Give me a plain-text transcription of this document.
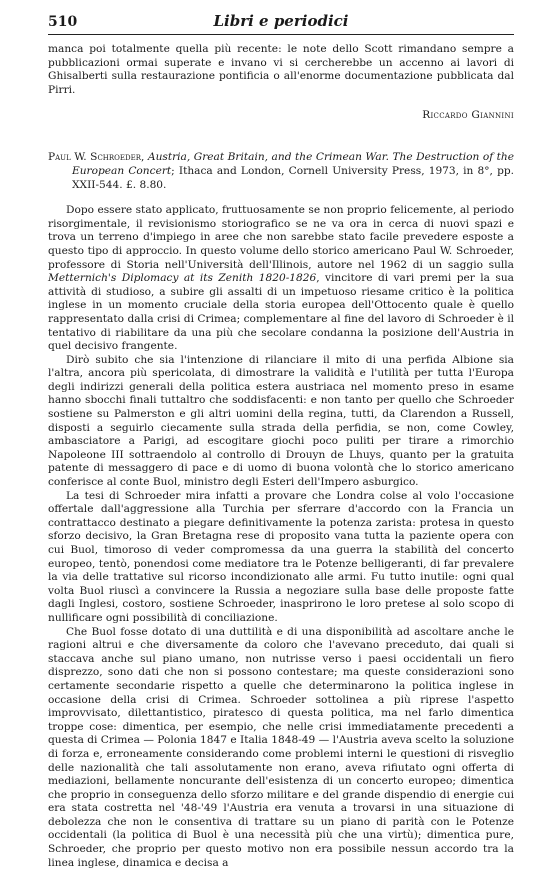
510	Libri e periodici

manca poi totalmente quella più recente: le note dello Scott rimandano sempre a pubblicazioni ormai superate e invano vi si cercherebbe un accenno ai lavori di Ghisalberti sulla restaurazione pontificia o all'enorme documentazione pubblicata dal Pirri.

Riccardo Giannini

Paul W. Schroeder, Austria, Great Britain, and the Crimean War. The Destruction of the European Concert; Ithaca and London, Cornell University Press, 1973, in 8°, pp. XXII-544. £. 8.80.

Dopo essere stato applicato, fruttuosamente se non proprio felicemente, al periodo risorgimentale, il revisionismo storiografico se ne va ora in cerca di nuovi spazi e trova un terreno d'impiego in aree che non sarebbe stato facile prevedere esposte a questo tipo di approccio. In questo volume dello storico americano Paul W. Schroeder, professore di Storia nell'Università dell'Illinois, autore nel 1962 di un saggio sulla Metternich's Diplomacy at its Zenith 1820-1826, vincitore di vari premi per la sua attività di studioso, a subire gli assalti di un impetuoso riesame critico è la politica inglese in un momento cruciale della storia europea dell'Ottocento quale è quello rappresentato dalla crisi di Crimea; complementare al fine del lavoro di Schroeder è il tentativo di riabilitare da una più che secolare condanna la posizione dell'Austria in quel decisivo frangente.

Dirò subito che sia l'intenzione di rilanciare il mito di una perfida Albione sia l'altra, ancora più spericolata, di dimostrare la validità e l'utilità per tutta l'Europa degli indirizzi generali della politica estera austriaca nel momento preso in esame hanno sbocchi finali tuttaltro che soddisfacenti: e non tanto per quello che Schroeder sostiene su Palmerston e gli altri uomini della regina, tutti, da Clarendon a Russell, disposti a seguirlo ciecamente sulla strada della perfidia, se non, come Cowley, ambasciatore a Parigi, ad escogitare giochi poco puliti per tirare a rimorchio Napoleone III sottraendolo al controllo di Drouyn de Lhuys, quanto per la gratuita patente di messaggero di pace e di uomo di buona volontà che lo storico americano conferisce al conte Buol, ministro degli Esteri dell'Impero asburgico.

La tesi di Schroeder mira infatti a provare che Londra colse al volo l'occasione offertale dall'aggressione alla Turchia per sferrare d'accordo con la Francia un contrattacco destinato a piegare definitivamente la potenza zarista: protesa in questo sforzo decisivo, la Gran Bretagna rese di proposito vana tutta la paziente opera con cui Buol, timoroso di veder compromessa da una guerra la stabilità del concerto europeo, tentò, ponendosi come mediatore tra le Potenze belligeranti, di far prevalere la via delle trattative sul ricorso incondizionato alle armi. Fu tutto inutile: ogni qual volta Buol riuscì a convincere la Russia a negoziare sulla base delle proposte fatte dagli Inglesi, costoro, sostiene Schroeder, inasprirono le loro pretese al solo scopo di nullificare ogni possibilità di conciliazione.

Che Buol fosse dotato di una duttilità e di una disponibilità ad ascoltare anche le ragioni altrui e che diversamente da coloro che l'avevano preceduto, dai quali si staccava anche sul piano umano, non nutrisse verso i paesi occidentali un fiero disprezzo, sono dati che non si possono contestare; ma queste considerazioni sono certamente secondarie rispetto a quelle che determinarono la politica inglese in occasione della crisi di Crimea. Schroeder sottolinea a più riprese l'aspetto improvvisato, dilettantistico, piratesco di questa politica, ma nel farlo dimentica troppe cose: dimentica, per esempio, che nelle crisi immediatamente precedenti a questa di Crimea — Polonia 1847 e Italia 1848-49 — l'Austria aveva scelto la soluzione di forza e, erroneamente considerando come problemi interni le questioni di risveglio delle nazionalità che tali assolutamente non erano, aveva rifiutato ogni offerta di mediazioni, bellamente noncurante dell'esistenza di un concerto europeo; dimentica che proprio in conseguenza dello sforzo militare e del grande dispendio di energie cui era stata costretta nel '48-'49 l'Austria era venuta a trovarsi in una situazione di debolezza che non le consentiva di trattare su un piano di parità con le Potenze occidentali (la politica di Buol è una necessità più che una virtù); dimentica pure, Schroeder, che proprio per questo motivo non era possibile nessun accordo tra la linea inglese, dinamica e decisa a
